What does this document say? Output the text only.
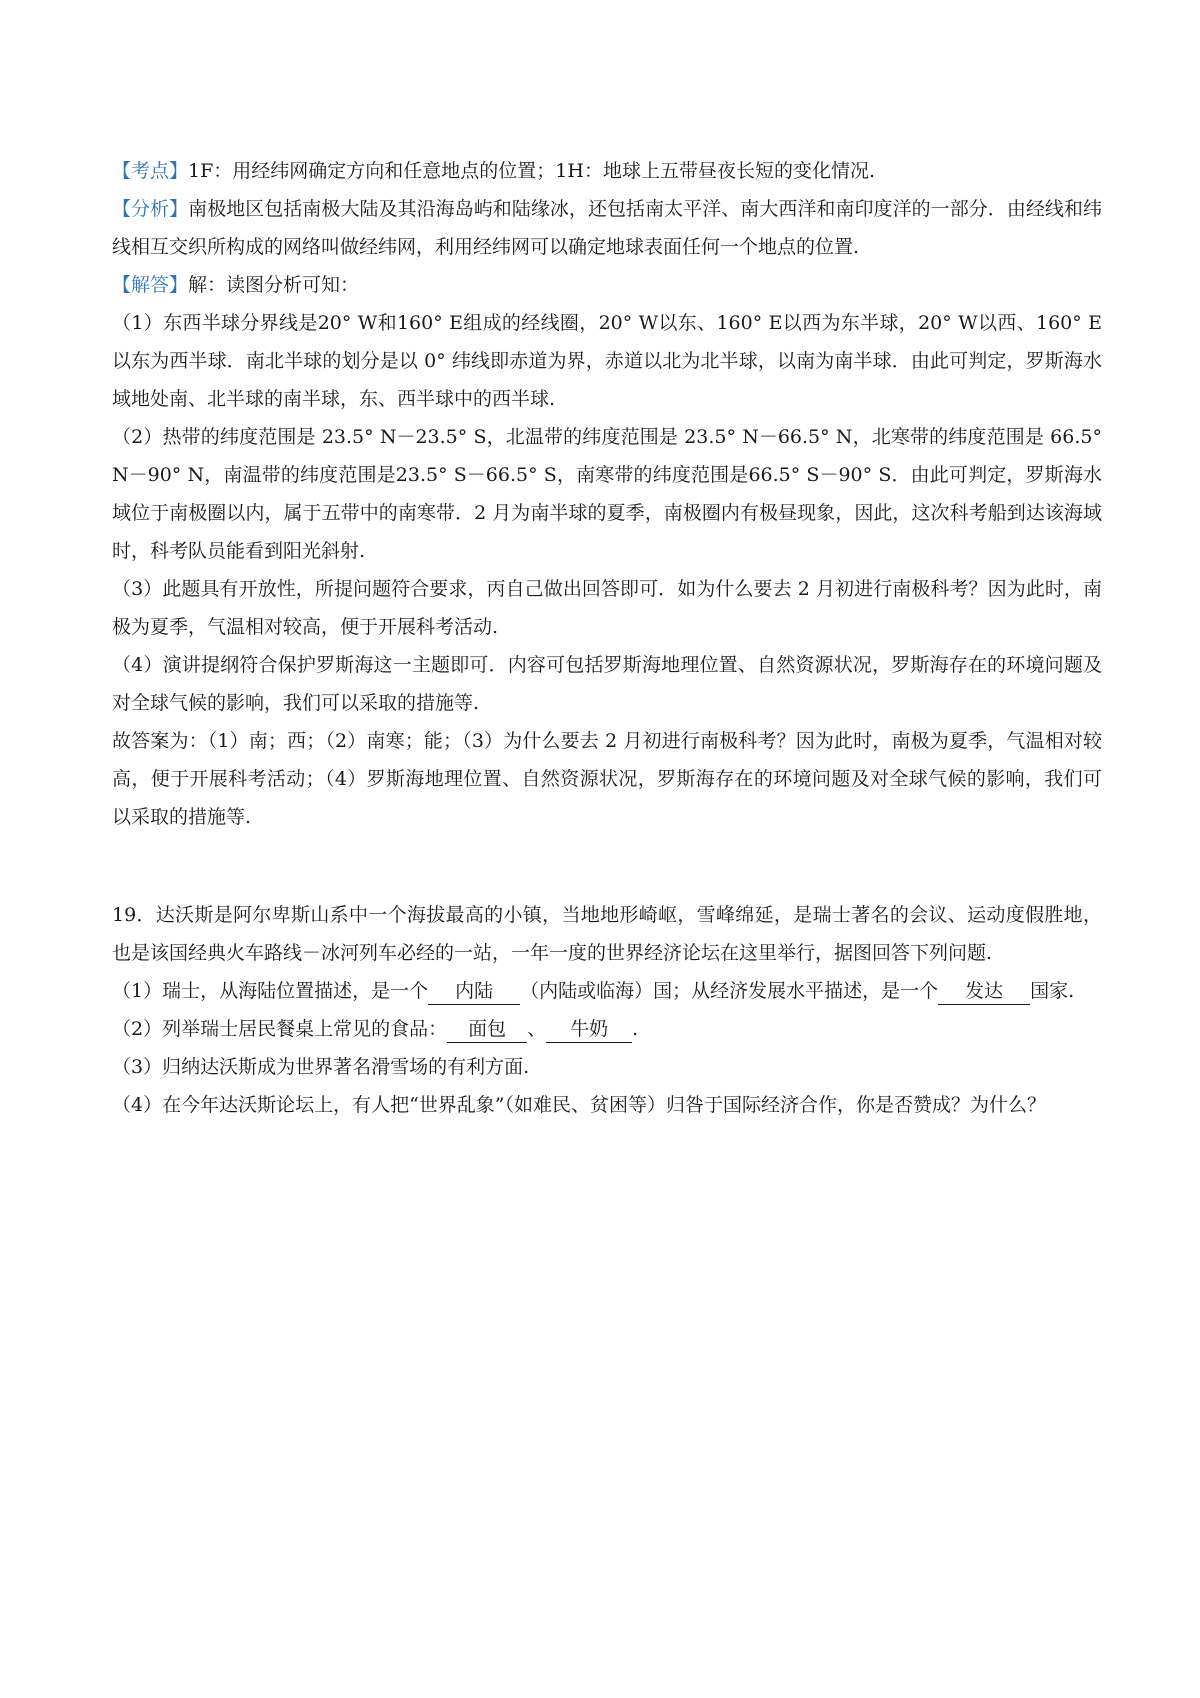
【考点】1F：用经纬网确定方向和任意地点的位置；1H：地球上五带昼夜长短的变化情况.

【分析】南极地区包括南极大陆及其沿海岛屿和陆缘冰，还包括南太平洋、南大西洋和南印度洋的一部分．由经线和纬线相互交织所构成的网络叫做经纬网，利用经纬网可以确定地球表面任何一个地点的位置.

【解答】解：读图分析可知：

（1）东西半球分界线是20° W和160° E组成的经线圈，20° W以东、160° E以西为东半球，20° W以西、160° E 以东为西半球．南北半球的划分是以 0° 纬线即赤道为界，赤道以北为北半球，以南为南半球．由此可判定，罗斯海水域地处南、北半球的南半球，东、西半球中的西半球.

（2）热带的纬度范围是 23.5° N－23.5° S，北温带的纬度范围是 23.5° N－66.5° N，北寒带的纬度范围是 66.5° N－90° N，南温带的纬度范围是23.5° S－66.5° S，南寒带的纬度范围是66.5° S－90° S．由此可判定，罗斯海水域位于南极圈以内，属于五带中的南寒带．2 月为南半球的夏季，南极圈内有极昼现象，因此，这次科考船到达该海域时，科考队员能看到阳光斜射.

（3）此题具有开放性，所提问题符合要求，丙自己做出回答即可．如为什么要去 2 月初进行南极科考？因为此时，南极为夏季，气温相对较高，便于开展科考活动.

（4）演讲提纲符合保护罗斯海这一主题即可．内容可包括罗斯海地理位置、自然资源状况，罗斯海存在的环境问题及对全球气候的影响，我们可以采取的措施等.

故答案为：（1）南；西；（2）南寒；能；（3）为什么要去 2 月初进行南极科考？因为此时，南极为夏季，气温相对较高，便于开展科考活动；（4）罗斯海地理位置、自然资源状况，罗斯海存在的环境问题及对全球气候的影响，我们可以采取的措施等.

19．达沃斯是阿尔卑斯山系中一个海拔最高的小镇，当地地形崎岖，雪峰绵延，是瑞士著名的会议、运动度假胜地，也是该国经典火车路线－冰河列车必经的一站，一年一度的世界经济论坛在这里举行，据图回答下列问题.

（1）瑞士，从海陆位置描述，是一个 内陆 （内陆或临海）国；从经济发展水平描述，是一个 发达 国家.

（2）列举瑞士居民餐桌上常见的食品： 面包 、 牛奶 .

（3）归纳达沃斯成为世界著名滑雪场的有利方面.

（4）在今年达沃斯论坛上，有人把“世界乱象”（如难民、贫困等）归咎于国际经济合作，你是否赞成？为什么？
